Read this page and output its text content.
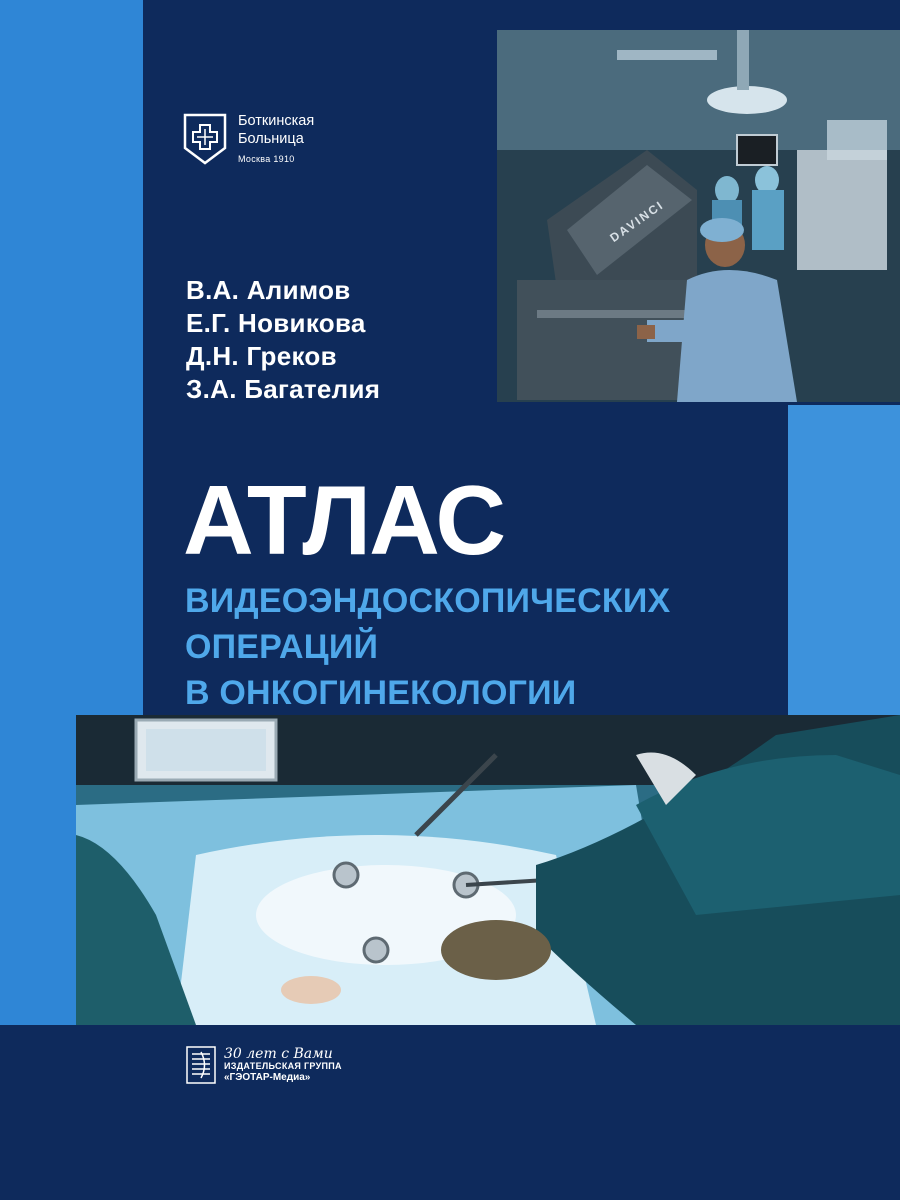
DAVINCI
Боткинская
Больница
Москва 1910
В.А. Алимов
Е.Г. Новикова
Д.Н. Греков
З.А. Багателия
АТЛАС
ВИДЕОЭНДОСКОПИЧЕСКИХ
ОПЕРАЦИЙ
В ОНКОГИНЕКОЛОГИИ
30 лет с Вами
ИЗДАТЕЛЬСКАЯ ГРУППА
«ГЭОТАР-Медиа»
